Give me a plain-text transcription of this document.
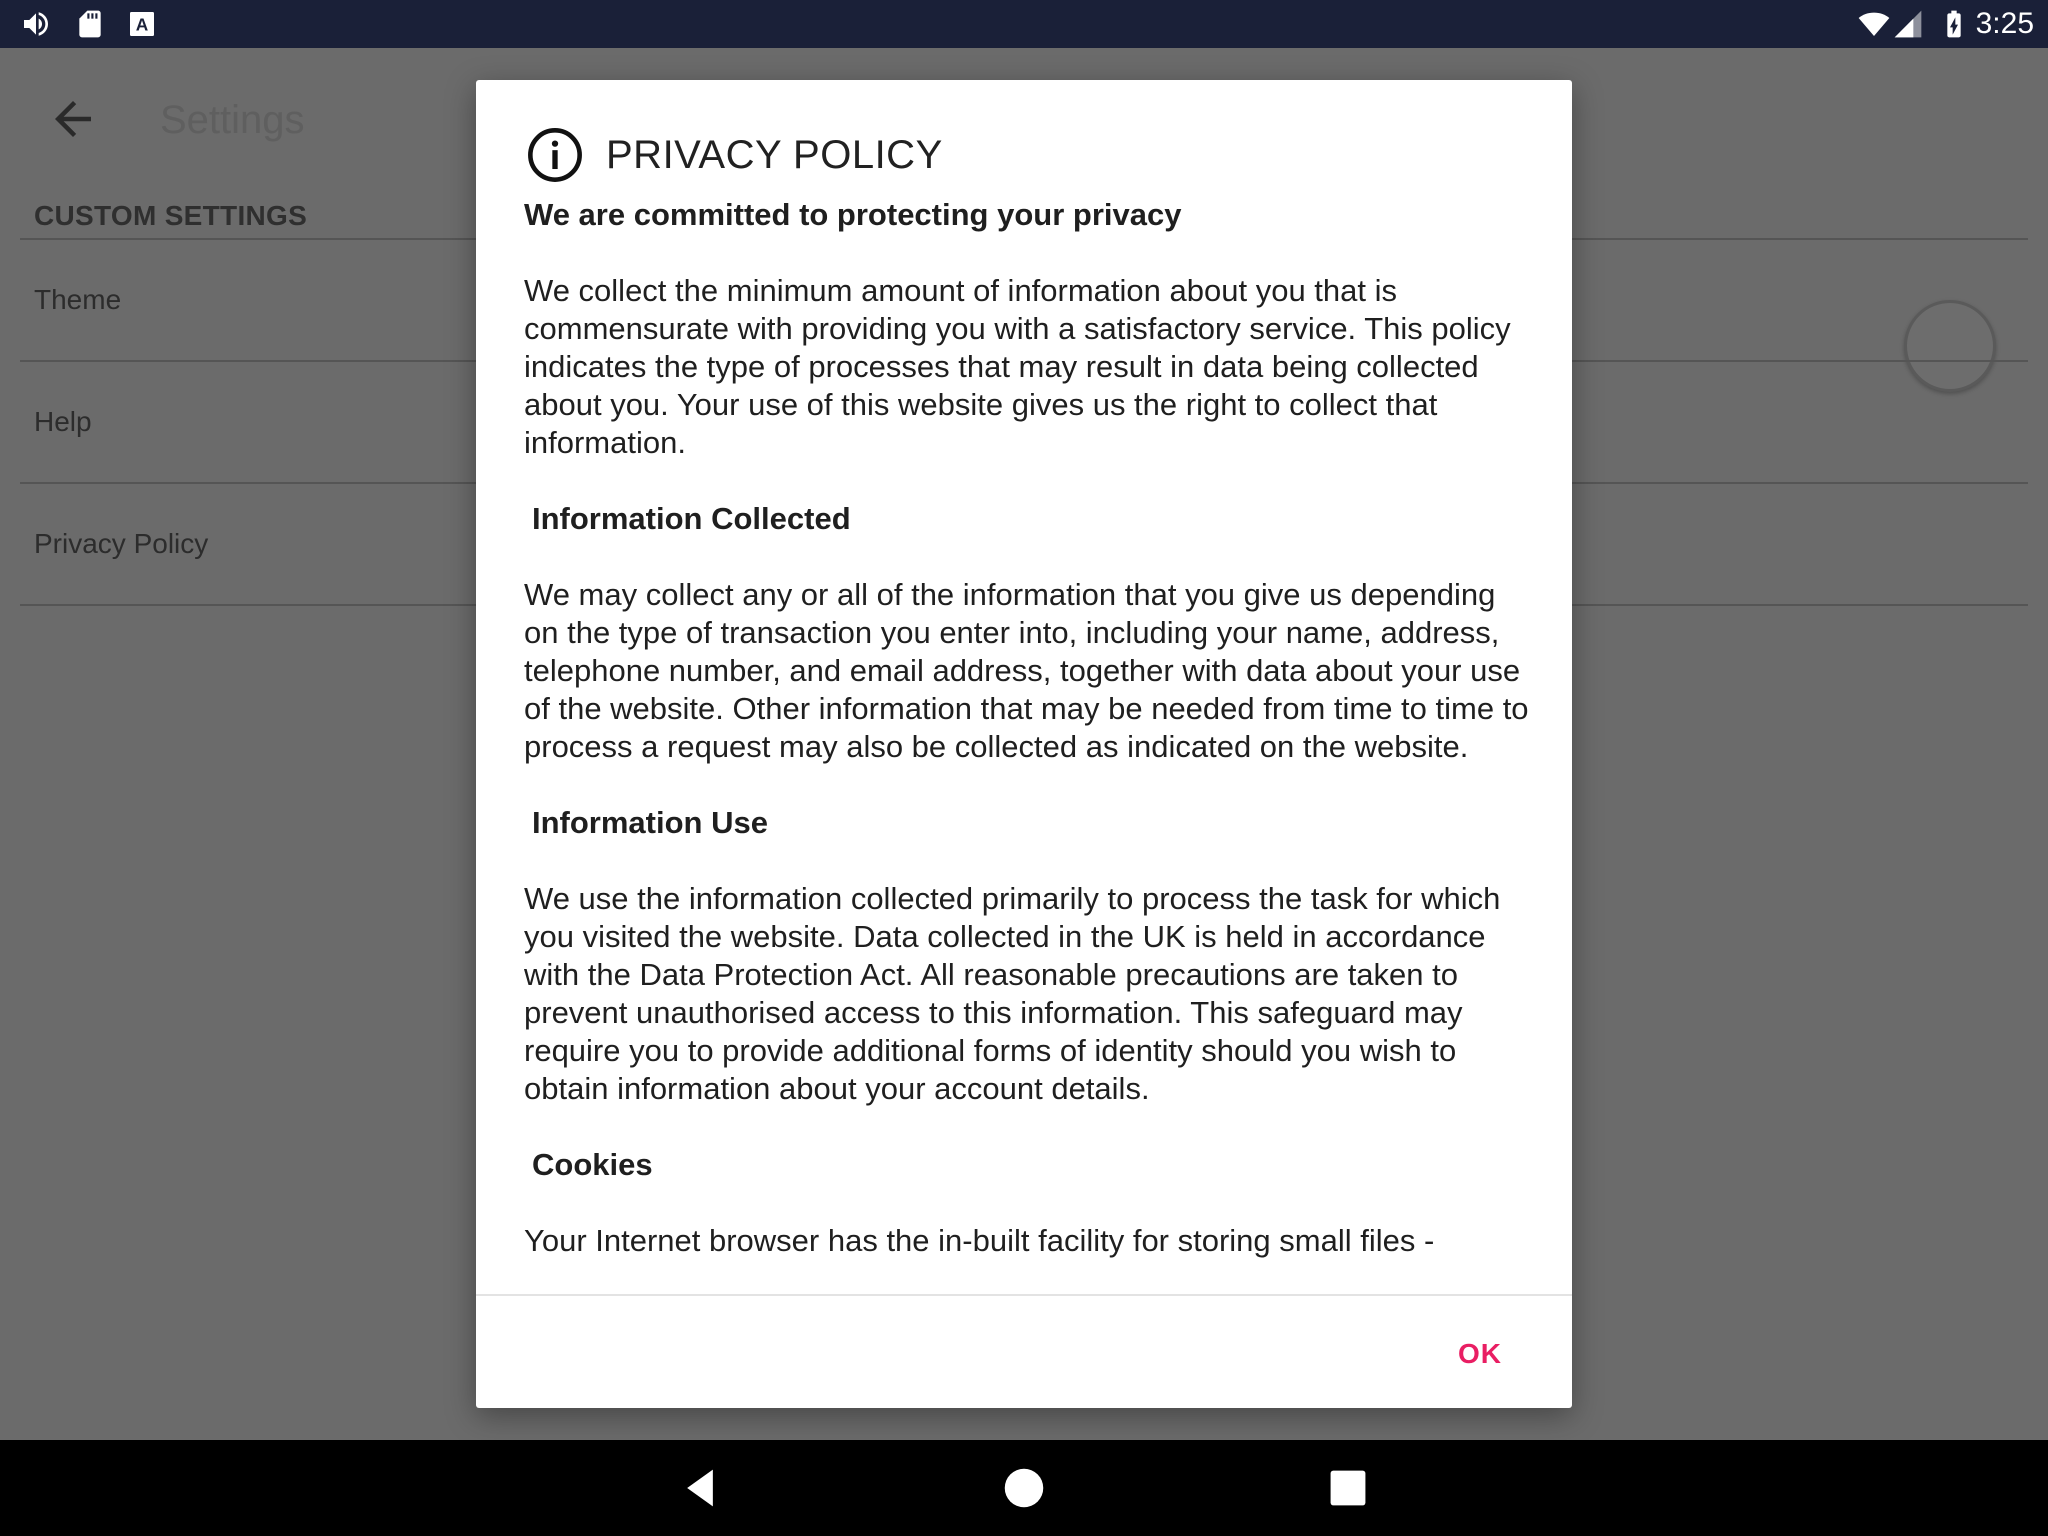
A	3:25
Settings
CUSTOM SETTINGS
Theme
Help
Privacy Policy
PRIVACY POLICY
We are committed to protecting your privacy

We collect the minimum amount of information about you that is commensurate with providing you with a satisfactory service. This policy indicates the type of processes that may result in data being collected about you. Your use of this website gives us the right to collect that information.

Information Collected

We may collect any or all of the information that you give us depending on the type of transaction you enter into, including your name, address, telephone number, and email address, together with data about your use of the website. Other information that may be needed from time to time to process a request may also be collected as indicated on the website.

Information Use

We use the information collected primarily to process the task for which you visited the website. Data collected in the UK is held in accordance with the Data Protection Act. All reasonable precautions are taken to prevent unauthorised access to this information. This safeguard may require you to provide additional forms of identity should you wish to obtain information about your account details.

Cookies

Your Internet browser has the in-built facility for storing small files -

OK
